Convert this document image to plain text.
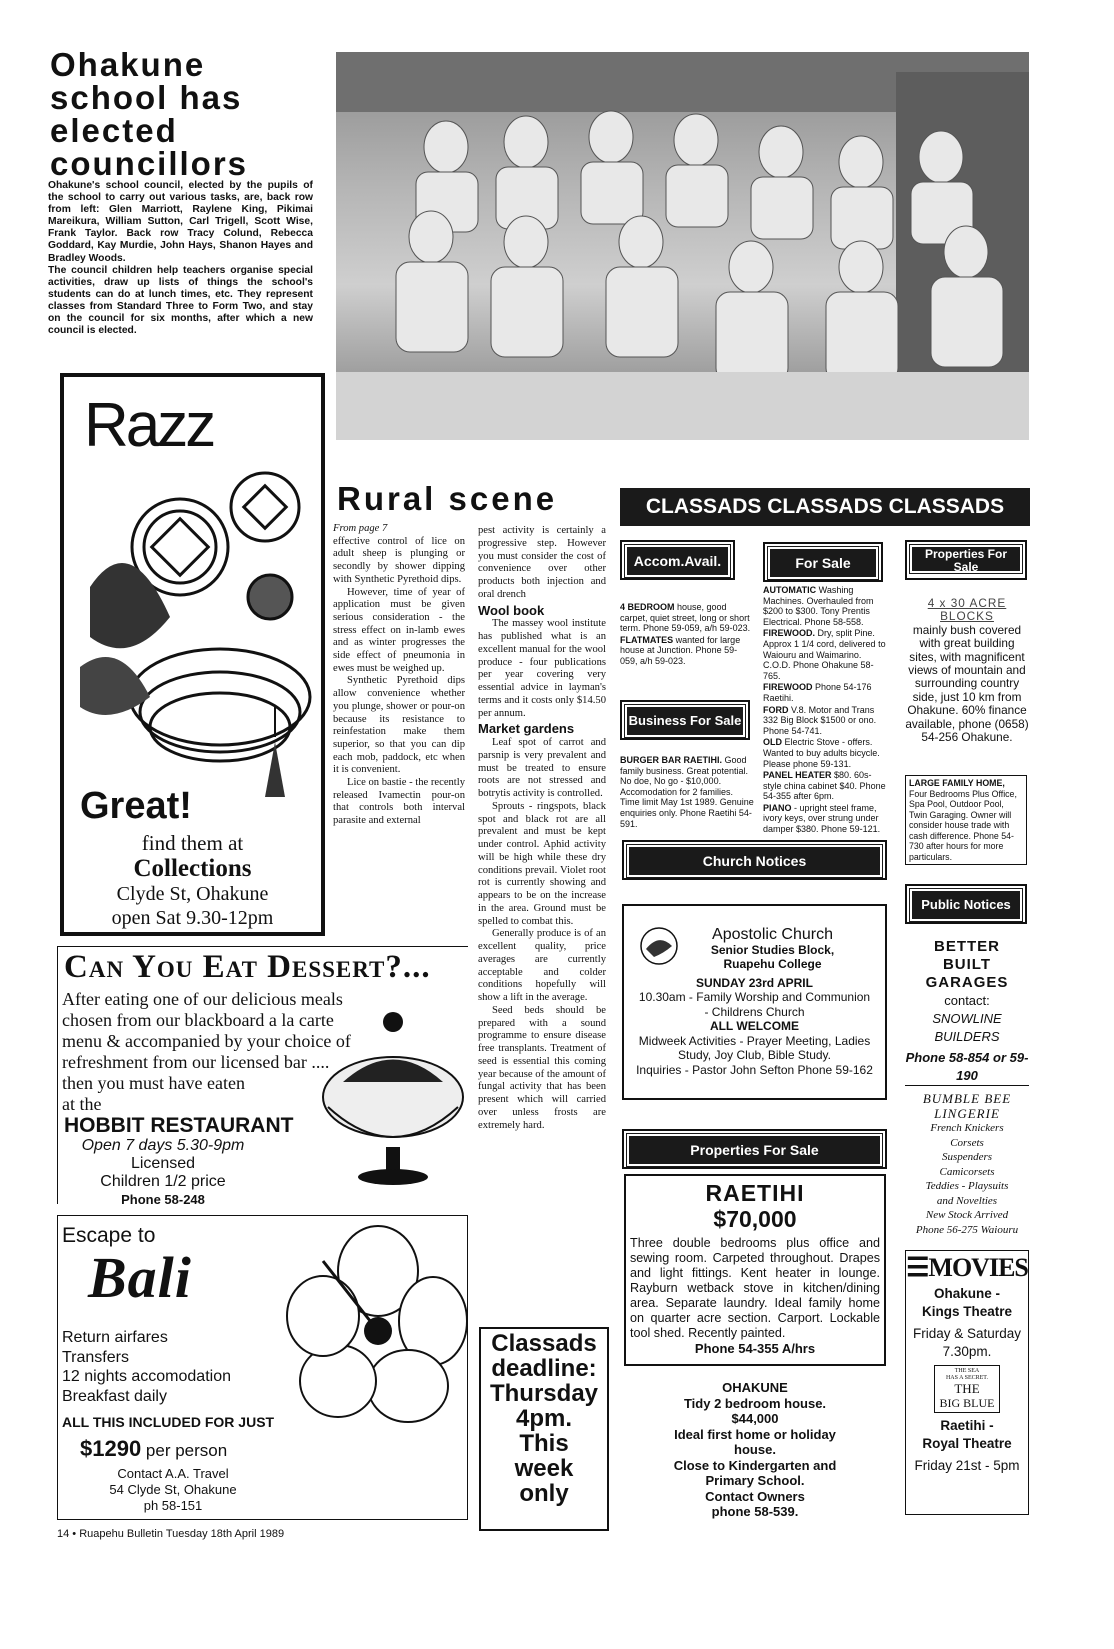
Ohakune school has elected councillors
Ohakune's school council, elected by the pupils of the school to carry out various tasks, are, back row from left: Glen Marriott, Raylene King, Pikimai Mareikura, William Sutton, Carl Trigell, Scott Wise, Frank Taylor. Back row Tracy Colund, Rebecca Goddard, Kay Murdie, John Hays, Shanon Hayes and Bradley Woods.
The council children help teachers organise special activities, draw up lists of things the school's students can do at lunch times, etc. They represent classes from Standard Three to Form Two, and stay on the council for six months, after which a new council is elected.
Razz
Great!
find them at
Collections
Clyde St, Ohakune
open Sat 9.30-12pm
Can You Eat Dessert?...
After eating one of our delicious meals
chosen from our blackboard a la carte
menu & accompanied by your choice of
refreshment from our licensed bar ....
then you must have eaten
at the
HOBBIT RESTAURANT
Open 7 days 5.30-9pm
Licensed
Children 1/2 price
Phone 58-248
Escape to
Bali
Return airfares
Transfers
12 nights accomodation
Breakfast daily
ALL THIS INCLUDED FOR JUST
$1290 per person
Contact A.A. Travel
54 Clyde St, Ohakune
ph 58-151
Rural scene
From page 7

effective control of lice on adult sheep is plunging or secondly by shower dipping with Synthetic Pyrethoid dips.

However, time of year of application must be given serious consideration - the stress effect on in-lamb ewes and as winter progresses the side effect of pneumonia in ewes must be weighed up.

Synthetic Pyrethoid dips allow convenience whether you plunge, shower or pour-on because its resistance to reinfestation make them superior, so that you can dip each mob, paddock, etc when it is convenient.

Lice on bastie - the recently released Ivamectin pour-on that controls both interval parasite and external

pest activity is certainly a progressive step. However you must consider the cost of convenience over other products both injection and oral drench

Wool book

The massey wool institute has published what is an excellent manual for the wool produce - four publications per year covering very essential advice in layman's terms and it costs only $14.50 per annum.

Market gardens

Leaf spot of carrot and parsnip is very prevalent and must be treated to ensure roots are not stressed and botrytis activity is controlled.

Sprouts - ringspots, black spot and black rot are all prevalent and must be kept under control. Aphid activity will be high while these dry conditions prevail. Violet root rot is currently showing and appears to be on the increase in the area. Ground must be spelled to combat this.

Generally produce is of an excellent quality, price averages are currently acceptable and colder conditions hopefully will show a lift in the average.

Seed beds should be prepared with a sound programme to ensure disease free transplants. Treatment of seed is essential this coming year because of the amount of fungal activity that has been present which will carried over unless frosts are extremely hard.

Classads
deadline:
Thursday
4pm.
This
week
only
CLASSADS CLASSADS CLASSADS
Accom.Avail.

4 BEDROOM house, good carpet, quiet street, long or short term. Phone 59-059, a/h 59-023.

FLATMATES wanted for large house at Junction. Phone 59-059, a/h 59-023.

Business For Sale

BURGER BAR RAETIHI. Good family business. Great potential. No doe, No go - $10,000. Accomodation for 2 families. Time limit May 1st 1989. Genuine enquiries only. Phone Raetihi 54-591.

For Sale

AUTOMATIC Washing Machines. Overhauled from $200 to $300. Tony Prentis Electrical. Phone 58-558.

FIREWOOD. Dry, split Pine. Approx 1 1/4 cord, delivered to Waiouru and Waimarino. C.O.D. Phone Ohakune 58-765.

FIREWOOD Phone 54-176 Raetihi.

FORD V.8. Motor and Trans 332 Big Block $1500 or ono. Phone 54-741.

OLD Electric Stove - offers. Wanted to buy adults bicycle. Please phone 59-131.

PANEL HEATER $80. 60s-style china cabinet $40. Phone 54-355 after 6pm.

PIANO - upright steel frame, ivory keys, over strung under damper $380. Phone 59-121.

Properties For Sale
4 x 30 ACRE BLOCKS
mainly bush covered with great building sites, with magnificent views of mountain and surrounding country side, just 10 km from Ohakune. 60% finance available, phone (0658) 54-256 Ohakune.

LARGE FAMILY HOME, Four Bedrooms Plus Office, Spa Pool, Outdoor Pool, Twin Garaging. Owner will consider house trade with cash difference. Phone 54-730 after hours for more particulars.

Church Notices
Apostolic Church
Senior Studies Block,
Ruapehu College
SUNDAY 23rd APRIL
10.30am - Family Worship and Communion
- Childrens Church
ALL WELCOME
Midweek Activities - Prayer Meeting, Ladies
Study, Joy Club, Bible Study.
Inquiries - Pastor John Sefton Phone 59-162
Properties For Sale
RAETIHI
$70,000
Three double bedrooms plus office and sewing room. Carpeted throughout. Drapes and light fittings. Kent heater in lounge. Rayburn wetback stove in kitchen/dining area. Separate laundry. Ideal family home on quarter acre section. Carport. Lockable tool shed. Recently painted.
Phone 54-355 A/hrs
OHAKUNE
Tidy 2 bedroom house.
$44,000
Ideal first home or holiday
house.
Close to Kindergarten and
Primary School.
Contact Owners
phone 58-539.
Public Notices
BETTER
BUILT
GARAGES
contact:
SNOWLINE
BUILDERS
Phone 58-854 or 59-190
BUMBLE BEE
LINGERIE
French Knickers
Corsets
Suspenders
Camicorsets
Teddies - Playsuits
and Novelties
New Stock Arrived
Phone 56-275 Waiouru
☰MOVIES
Ohakune -
Kings Theatre
Friday & Saturday
7.30pm.
THE SEA
HAS A SECRET.
THE
BIG BLUE
Raetihi -
Royal Theatre
Friday 21st - 5pm
14 • Ruapehu Bulletin Tuesday 18th April 1989
